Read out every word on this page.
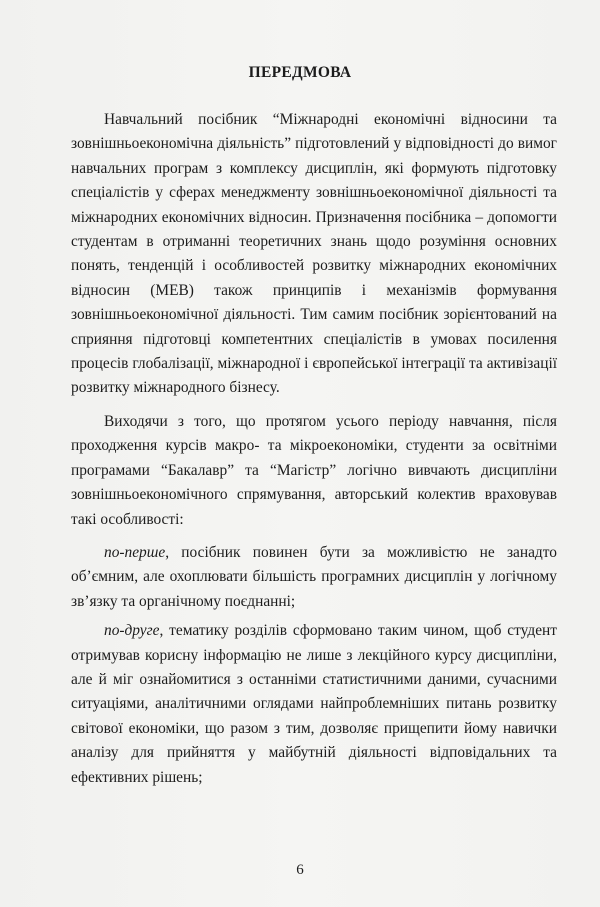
ПЕРЕДМОВА

Навчальний посібник “Міжнародні економічні відносини та зовнішньоекономічна діяльність” підготовлений у відповідності до вимог навчальних програм з комплексу дисциплін, які формують підготовку спеціалістів у сферах менеджменту зовнішньоекономічної діяльності та міжнародних економічних відносин. Призначення посібника – допомогти студентам в отриманні теоретичних знань щодо розуміння основних понять, тенденцій і особливостей розвитку міжнародних економічних відносин (МЕВ) також принципів і механізмів формування зовнішньоекономічної діяльності. Тим самим посібник зорієнтований на сприяння підготовці компетентних спеціалістів в умовах посилення процесів глобалізації, міжнародної і європейської інтеграції та активізації розвитку міжнародного бізнесу.

Виходячи з того, що протягом усього періоду навчання, після проходження курсів макро- та мікроекономіки, студенти за освітніми програмами “Бакалавр” та “Магістр” логічно вивчають дисципліни зовнішньоекономічного спрямування, авторський колектив враховував такі особливості:

по-перше, посібник повинен бути за можливістю не занадто об’ємним, але охоплювати більшість програмних дисциплін у логічному зв’язку та органічному поєднанні;

по-друге, тематику розділів сформовано таким чином, щоб студент отримував корисну інформацію не лише з лекційного курсу дисципліни, але й міг ознайомитися з останніми статистичними даними, сучасними ситуаціями, аналітичними оглядами найпроблемніших питань розвитку світової економіки, що разом з тим, дозволяє прищепити йому навички аналізу для прийняття у майбутній діяльності відповідальних та ефективних рішень;

6
